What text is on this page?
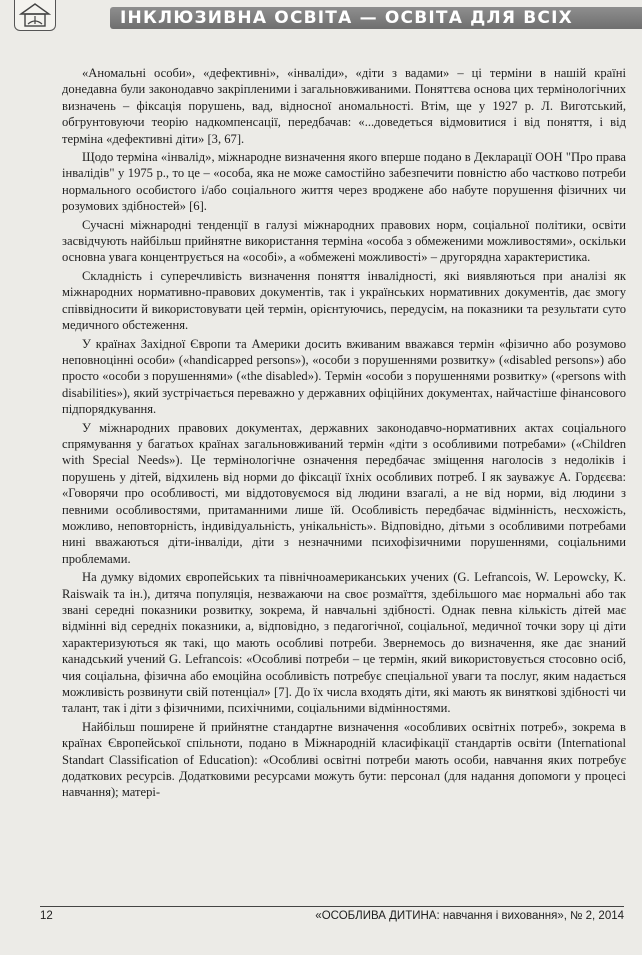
ІНКЛЮЗИВНА ОСВІТА — ОСВІТА ДЛЯ ВСІХ

«Аномальні особи», «дефективні», «інваліди», «діти з вадами» – ці терміни в нашій країні донедавна були законодавчо закріпленими і загальновживаними. Поняттєва основа цих термінологічних визначень – фіксація порушень, вад, відносної аномальності. Втім, ще у 1927 р. Л. Виготський, обгрунтовуючи теорію надкомпенсації, передбачав: «...доведеться відмовитися і від поняття, і від терміна «дефективні діти» [3, 67].

Щодо терміна «інвалід», міжнародне визначення якого вперше подано в Декларації ООН "Про права інвалідів" у 1975 р., то це – «особа, яка не може самостійно забезпечити повністю або частково потреби нормального особистого і/або соціального життя через вроджене або набуте порушення фізичних чи розумових здібностей» [6].

Сучасні міжнародні тенденції в галузі міжнародних правових норм, соціальної політики, освіти засвідчують найбільш прийнятне використання терміна «особа з обмеженими можливостями», оскільки основна увага концентрується на «особі», а «обмежені можливості» – другорядна характеристика.

Складність і суперечливість визначення поняття інвалідності, які виявляються при аналізі як міжнародних нормативно-правових документів, так і українських нормативних документів, дає змогу співвідносити й використовувати цей термін, орієнтуючись, передусім, на показники та результати суто медичного обстеження.

У країнах Західної Європи та Америки досить вживаним вважався термін «фізично або розумово неповноцінні особи» («handicapped persons»), «особи з порушеннями розвитку» («disabled persons») або просто «особи з порушеннями» («the disabled»). Термін «особи з порушеннями розвитку» («persons with disabilities»), який зустрічається переважно у державних офіційних документах, найчастіше фінансового підпорядкування.

У міжнародних правових документах, державних законодавчо-нормативних актах соціального спрямування у багатьох країнах загальновживаний термін «діти з особливими потребами» («Children with Special Needs»). Це термінологічне означення передбачає зміщення наголосів з недоліків і порушень у дітей, відхилень від норми до фіксації їхніх особливих потреб. І як зауважує А. Гордєєва: «Говорячи про особливості, ми віддотовуємося від людини взагалі, а не від норми, від людини з певними особливостями, притаманними лише їй. Особливість передбачає відмінність, несхожість, можливо, неповторність, індивідуальність, унікальність». Відповідно, дітьми з особливими потребами нині вважаються діти-інваліди, діти з незначними психофізичними порушеннями, соціальними проблемами.

На думку відомих європейських та північноамериканських учених (G. Lefrancois, W. Lepowcky, K. Raiswaik та ін.), дитяча популяція, незважаючи на своє розмаїття, здебільшого має нормальні або так звані середні показники розвитку, зокрема, й навчальні здібності. Однак певна кількість дітей має відмінні від середніх показники, а, відповідно, з педагогічної, соціальної, медичної точки зору ці діти характеризуються як такі, що мають особливі потреби. Звернемось до визначення, яке дає знаний канадський учений G. Lefrancois: «Особливі потреби – це термін, який використовується стосовно осіб, чия соціальна, фізична або емоційна особливість потребує спеціальної уваги та послуг, яким надається можливість розвинути свій потенціал» [7]. До їх числа входять діти, які мають як виняткові здібності чи талант, так і діти з фізичними, психічними, соціальними відмінностями.

Найбільш поширене й прийнятне стандартне визначення «особливих освітніх потреб», зокрема в країнах Європейської спільноти, подано в Міжнародній класифікації стандартів освіти (International Standart Classification of Education): «Особливі освітні потреби мають особи, навчання яких потребує додаткових ресурсів. Додатковими ресурсами можуть бути: персонал (для надання допомоги у процесі навчання); матері-

12	«ОСОБЛИВА ДИТИНА: навчання і виховання», № 2, 2014
